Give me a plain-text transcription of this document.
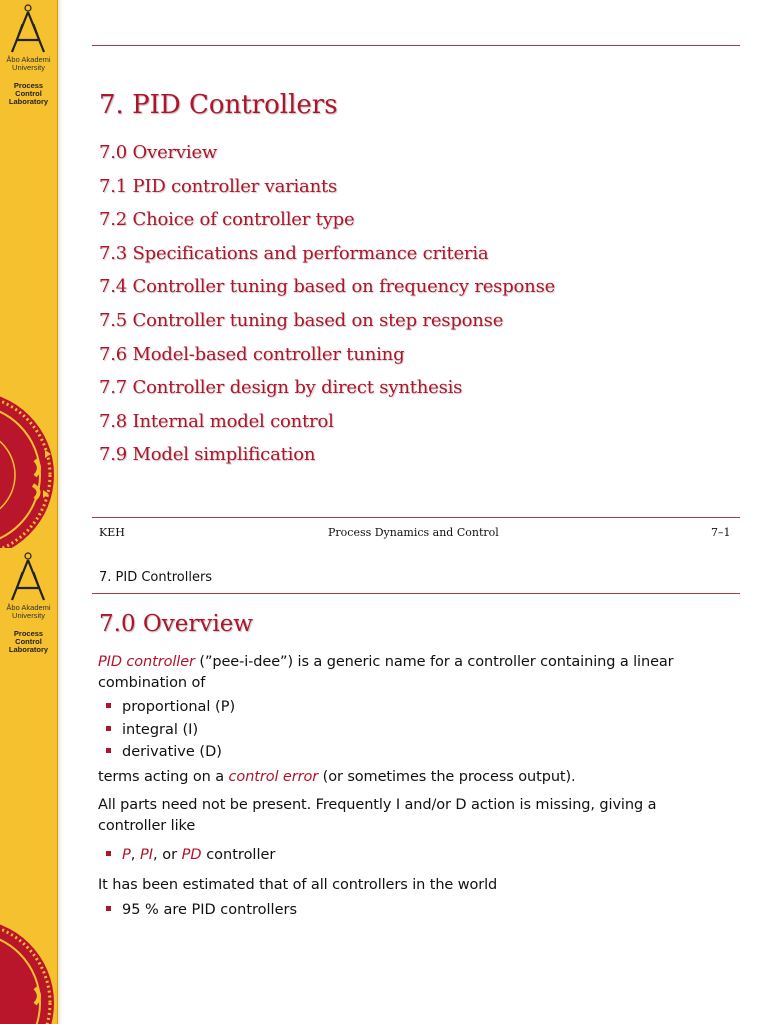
Åbo Akademi
University
Process
Control
Laboratory	7. PID Controllers
7.0 Overview
7.1 PID controller variants
7.2 Choice of controller type
7.3 Specifications and performance criteria
7.4 Controller tuning based on frequency response
7.5 Controller tuning based on step response
7.6 Model-based controller tuning
7.7 Controller design by direct synthesis
7.8 Internal model control
7.9 Model simplification
KEH	Process Dynamics and Control	7–1
Åbo Akademi
University
Process
Control
Laboratory
7. PID Controllers
7.0 Overview
PID controller (”pee-i-dee”) is a generic name for a controller containing a linear
combination of
proportional (P)
integral (I)
derivative (D)
terms acting on a control error (or sometimes the process output).
All parts need not be present. Frequently I and/or D action is missing, giving a
controller like
P, PI, or PD controller
It has been estimated that of all controllers in the world
95 % are PID controllers
